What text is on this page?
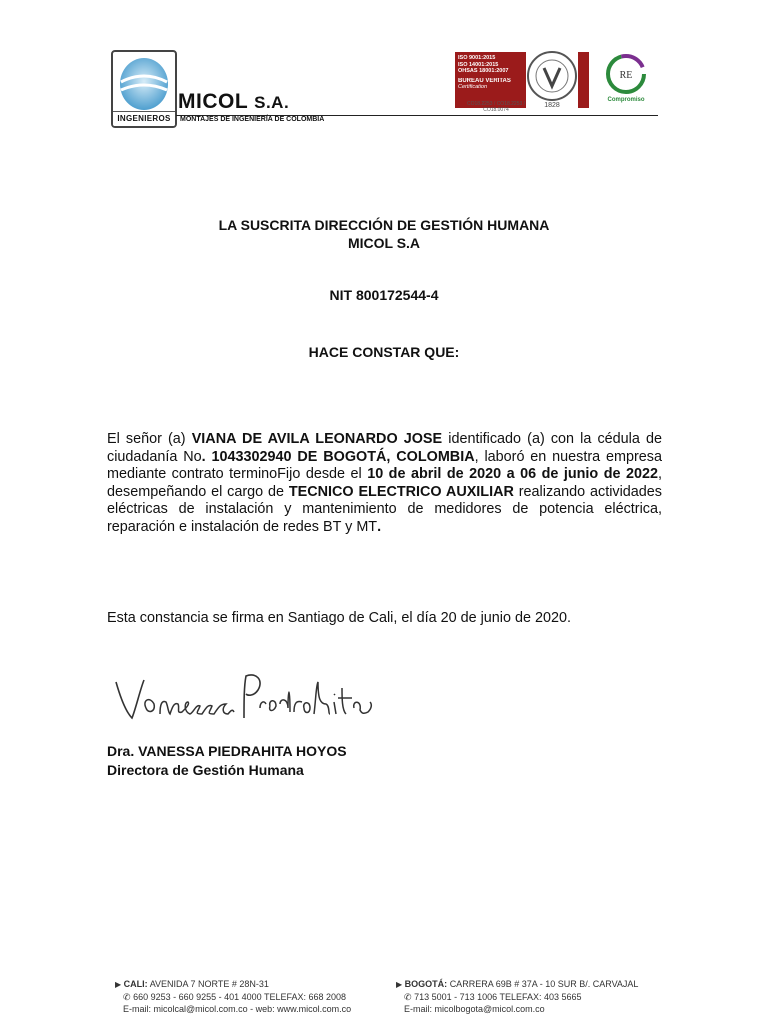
INGENIEROS
MICOL S.A.
MONTAJES DE INGENIERÍA DE COLOMBIA
ISO 9001:2015
ISO 14001:2015
OHSAS 18001:2007
BUREAU VERITAS
Certification
CO18.2253 / CO18.2253 / CO18.0074
1828
RE
Compromiso
LA SUSCRITA DIRECCIÓN DE GESTIÓN HUMANA
MICOL S.A
NIT 800172544-4
HACE CONSTAR QUE:
El señor (a) VIANA DE AVILA LEONARDO JOSE identificado (a) con la cédula de ciudadanía No. 1043302940 DE BOGOTÁ, COLOMBIA, laboró en nuestra empresa mediante contrato terminoFijo desde el 10 de abril de 2020 a 06 de junio de 2022, desempeñando el cargo de TECNICO ELECTRICO AUXILIAR realizando actividades eléctricas de instalación y mantenimiento de medidores de potencia eléctrica, reparación e instalación de redes BT y MT.
Esta constancia se firma en Santiago de Cali, el día 20 de junio de 2020.
Dra. VANESSA PIEDRAHITA HOYOS
Directora de Gestión Humana
▶ CALI: AVENIDA 7 NORTE # 28N-31
✆ 660 9253 - 660 9255 - 401 4000 TELEFAX: 668 2008
E-mail: micolcal@micol.com.co - web: www.micol.com.co
▶ BOGOTÁ: CARRERA 69B # 37A - 10 SUR B/. CARVAJAL
✆ 713 5001 - 713 1006 TELEFAX: 403 5665
E-mail: micolbogota@micol.com.co
